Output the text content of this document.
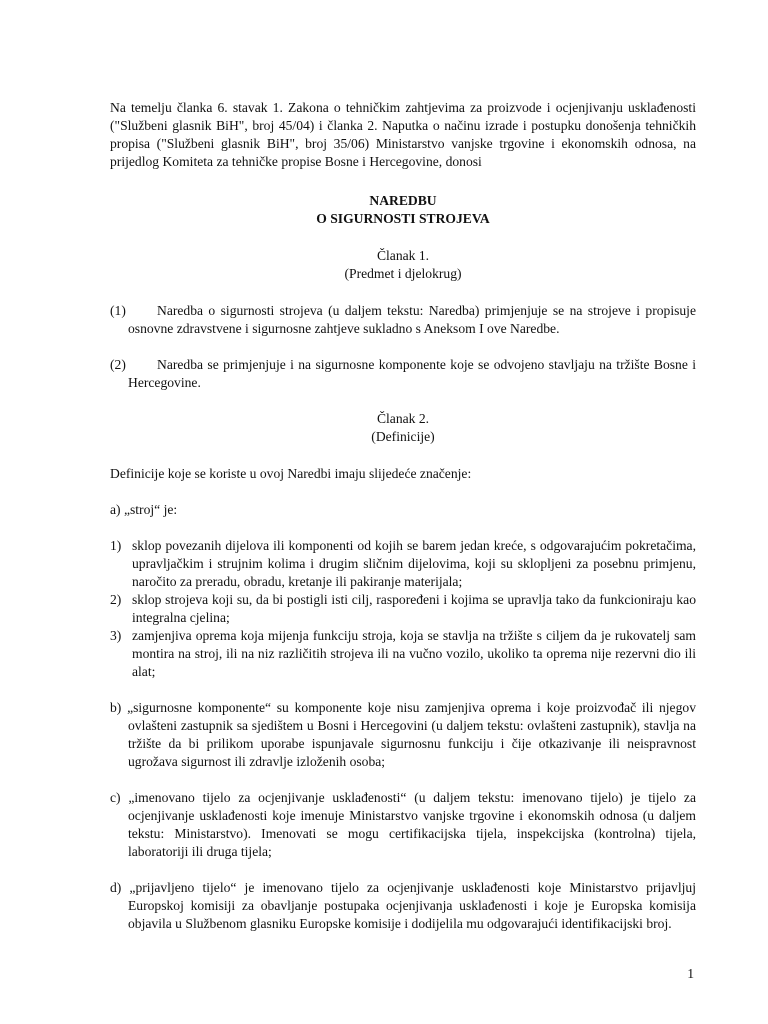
Na temelju članka 6. stavak 1. Zakona o tehničkim zahtjevima za proizvode i ocjenjivanju usklađenosti ("Službeni glasnik BiH", broj 45/04) i članka 2. Naputka o načinu izrade i postupku donošenja tehničkih propisa ("Službeni glasnik BiH", broj 35/06) Ministarstvo vanjske trgovine i ekonomskih odnosa, na prijedlog Komiteta za tehničke propise Bosne i Hercegovine, donosi

NAREDBU
O SIGURNOSTI STROJEVA
Članak 1.
(Predmet i djelokrug)

(1) Naredba o sigurnosti strojeva (u daljem tekstu: Naredba) primjenjuje se na strojeve i propisuje osnovne zdravstvene i sigurnosne zahtjeve sukladno s Aneksom I ove Naredbe.

(2) Naredba se primjenjuje i na sigurnosne komponente koje se odvojeno stavljaju na tržište Bosne i Hercegovine.

Članak 2.
(Definicije)

Definicije koje se koriste u ovoj Naredbi imaju slijedeće značenje:

a) „stroj“ je:

1) sklop povezanih dijelova ili komponenti od kojih se barem jedan kreće, s odgovarajućim pokretačima, upravljačkim i strujnim kolima i drugim sličnim dijelovima, koji su sklopljeni za posebnu primjenu, naročito za preradu, obradu, kretanje ili pakiranje materijala;
2) sklop strojeva koji su, da bi postigli isti cilj, raspoređeni i kojima se upravlja tako da funkcioniraju kao integralna cjelina;
3) zamjenjiva oprema koja mijenja funkciju stroja, koja se stavlja na tržište s ciljem da je rukovatelj sam montira na stroj, ili na niz različitih strojeva ili na vučno vozilo, ukoliko ta oprema nije rezervni dio ili alat;

b) „sigurnosne komponente“ su komponente koje nisu zamjenjiva oprema i koje proizvođač ili njegov ovlašteni zastupnik sa sjedištem u Bosni i Hercegovini (u daljem tekstu: ovlašteni zastupnik), stavlja na tržište da bi prilikom uporabe ispunjavale sigurnosnu funkciju i čije otkazivanje ili neispravnost ugrožava sigurnost ili zdravlje izloženih osoba;

c) „imenovano tijelo za ocjenjivanje usklađenosti“ (u daljem tekstu: imenovano tijelo) je tijelo za ocjenjivanje usklađenosti koje imenuje Ministarstvo vanjske trgovine i ekonomskih odnosa (u daljem tekstu: Ministarstvo). Imenovati se mogu certifikacijska tijela, inspekcijska (kontrolna) tijela, laboratoriji ili druga tijela;

d) „prijavljeno tijelo“ je imenovano tijelo za ocjenjivanje usklađenosti koje Ministarstvo prijavljuj Europskoj komisiji za obavljanje postupaka ocjenjivanja usklađenosti i koje je Europska komisija objavila u Službenom glasniku Europske komisije i dodijelila mu odgovarajući identifikacijski broj.

1
